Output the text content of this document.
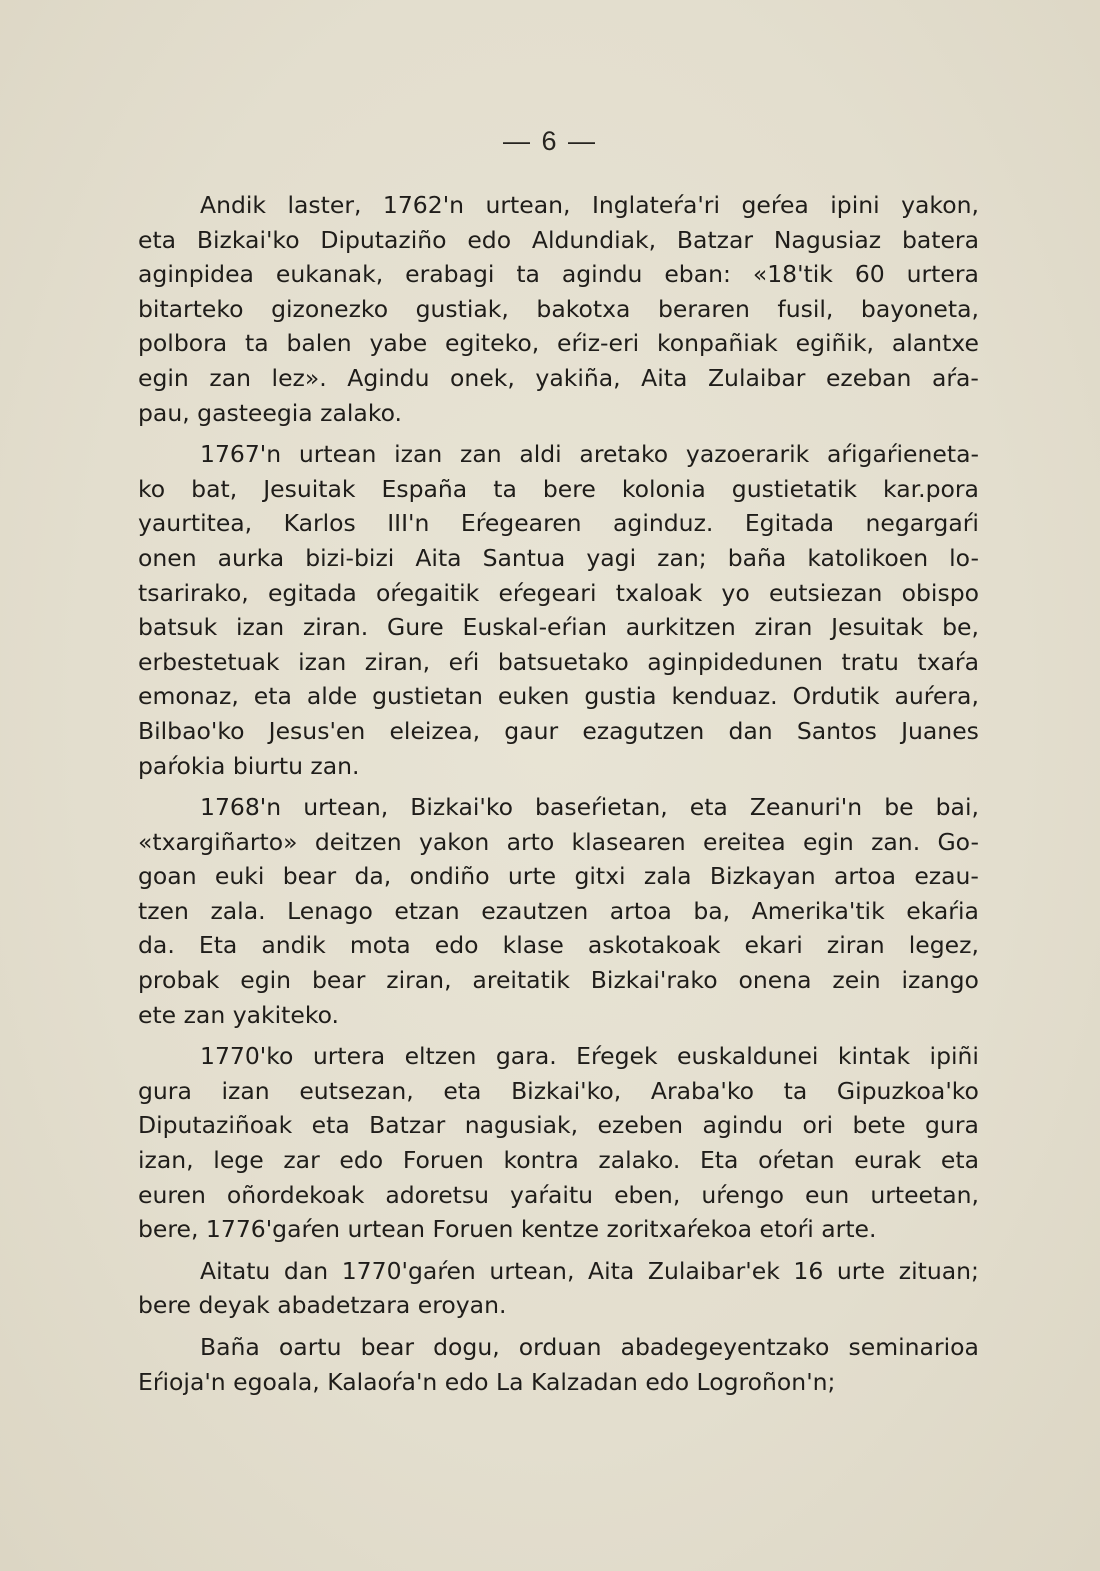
— 6 —
Andik laster, 1762'n urtean, Inglateŕa'ri geŕea ipini yakon,
eta Bizkai'ko Diputaziño edo Aldundiak, Batzar Nagusiaz batera
aginpidea eukanak, erabagi ta agindu eban: «18'tik 60 urtera
bitarteko gizonezko gustiak, bakotxa beraren fusil, bayoneta,
polbora ta balen yabe egiteko, eŕiz-eri konpañiak egiñik, alantxe
egin zan lez». Agindu onek, yakiña, Aita Zulaibar ezeban aŕa-
pau, gasteegia zalako.
1767'n urtean izan zan aldi aretako yazoerarik aŕigaŕieneta-
ko bat, Jesuitak España ta bere kolonia gustietatik kar.pora
yaurtitea, Karlos III'n Eŕegearen aginduz. Egitada negargaŕi
onen aurka bizi-bizi Aita Santua yagi zan; baña katolikoen lo-
tsarirako, egitada oŕegaitik eŕegeari txaloak yo eutsiezan obispo
batsuk izan ziran. Gure Euskal-eŕian aurkitzen ziran Jesuitak be,
erbestetuak izan ziran, eŕi batsuetako aginpidedunen tratu txaŕa
emonaz, eta alde gustietan euken gustia kenduaz. Ordutik auŕera,
Bilbao'ko Jesus'en eleizea, gaur ezagutzen dan Santos Juanes
paŕokia biurtu zan.
1768'n urtean, Bizkai'ko baseŕietan, eta Zeanuri'n be bai,
«txargiñarto» deitzen yakon arto klasearen ereitea egin zan. Go-
goan euki bear da, ondiño urte gitxi zala Bizkayan artoa ezau-
tzen zala. Lenago etzan ezautzen artoa ba, Amerika'tik ekaŕia
da. Eta andik mota edo klase askotakoak ekari ziran legez,
probak egin bear ziran, areitatik Bizkai'rako onena zein izango
ete zan yakiteko.
1770'ko urtera eltzen gara. Eŕegek euskaldunei kintak ipiñi
gura izan eutsezan, eta Bizkai'ko, Araba'ko ta Gipuzkoa'ko
Diputaziñoak eta Batzar nagusiak, ezeben agindu ori bete gura
izan, lege zar edo Foruen kontra zalako. Eta oŕetan eurak eta
euren oñordekoak adoretsu yaŕaitu eben, uŕengo eun urteetan,
bere, 1776'gaŕen urtean Foruen kentze zoritxaŕekoa etoŕi arte.
Aitatu dan 1770'gaŕen urtean, Aita Zulaibar'ek 16 urte zituan;
bere deyak abadetzara eroyan.
Baña oartu bear dogu, orduan abadegeyentzako seminarioa
Eŕioja'n egoala, Kalaoŕa'n edo La Kalzadan edo Logroñon'n;
